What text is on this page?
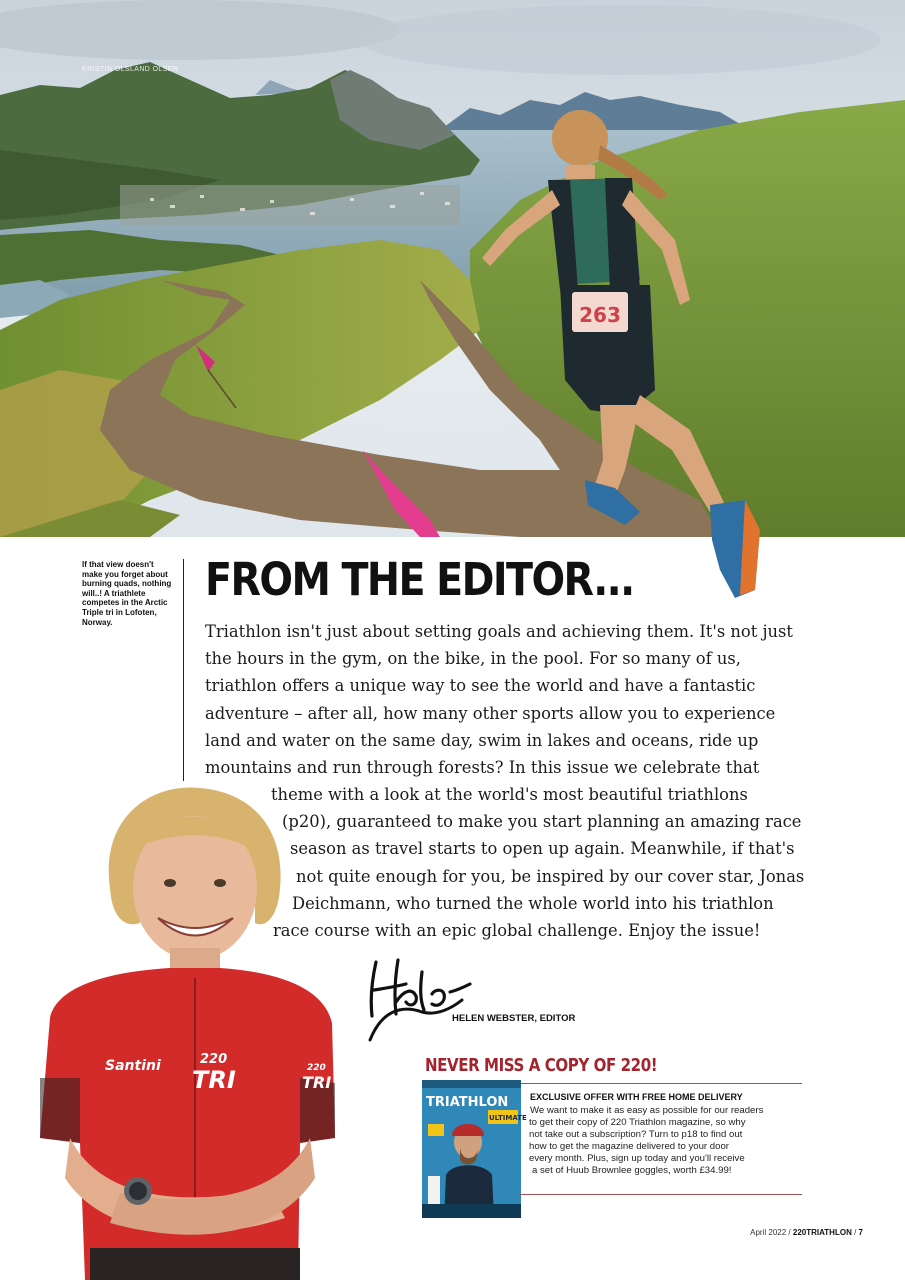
263
KRISTIN OLSLAND OLSEN
If that view doesn't make you forget about burning quads, nothing will..! A triathlete competes in the Arctic Triple tri in Lofoten, Norway.
FROM THE EDITOR...
Triathlon isn't just about setting goals and achieving them. It's not just
the hours in the gym, on the bike, in the pool. For so many of us,
triathlon offers a unique way to see the world and have a fantastic
adventure – after all, how many other sports allow you to experience
land and water on the same day, swim in lakes and oceans, ride up
mountains and run through forests? In this issue we celebrate that
theme with a look at the world's most beautiful triathlons
(p20), guaranteed to make you start planning an amazing race
season as travel starts to open up again. Meanwhile, if that's
not quite enough for you, be inspired by our cover star, Jonas
Deichmann, who turned the whole world into his triathlon
race course with an epic global challenge. Enjoy the issue!
Santini	220
TRI	220
TRI
HELEN WEBSTER, EDITOR
NEVER MISS A COPY OF 220!
TRIATHLON
ULTIMATE
EXCLUSIVE OFFER WITH FREE HOME DELIVERY
We want to make it as easy as possible for our readers
to get their copy of 220 Triathlon magazine, so why
not take out a subscription? Turn to p18 to find out
how to get the magazine delivered to your door
every month. Plus, sign up today and you'll receive
a set of Huub Brownlee goggles, worth £34.99!
April 2022 / 220TRIATHLON / 7
